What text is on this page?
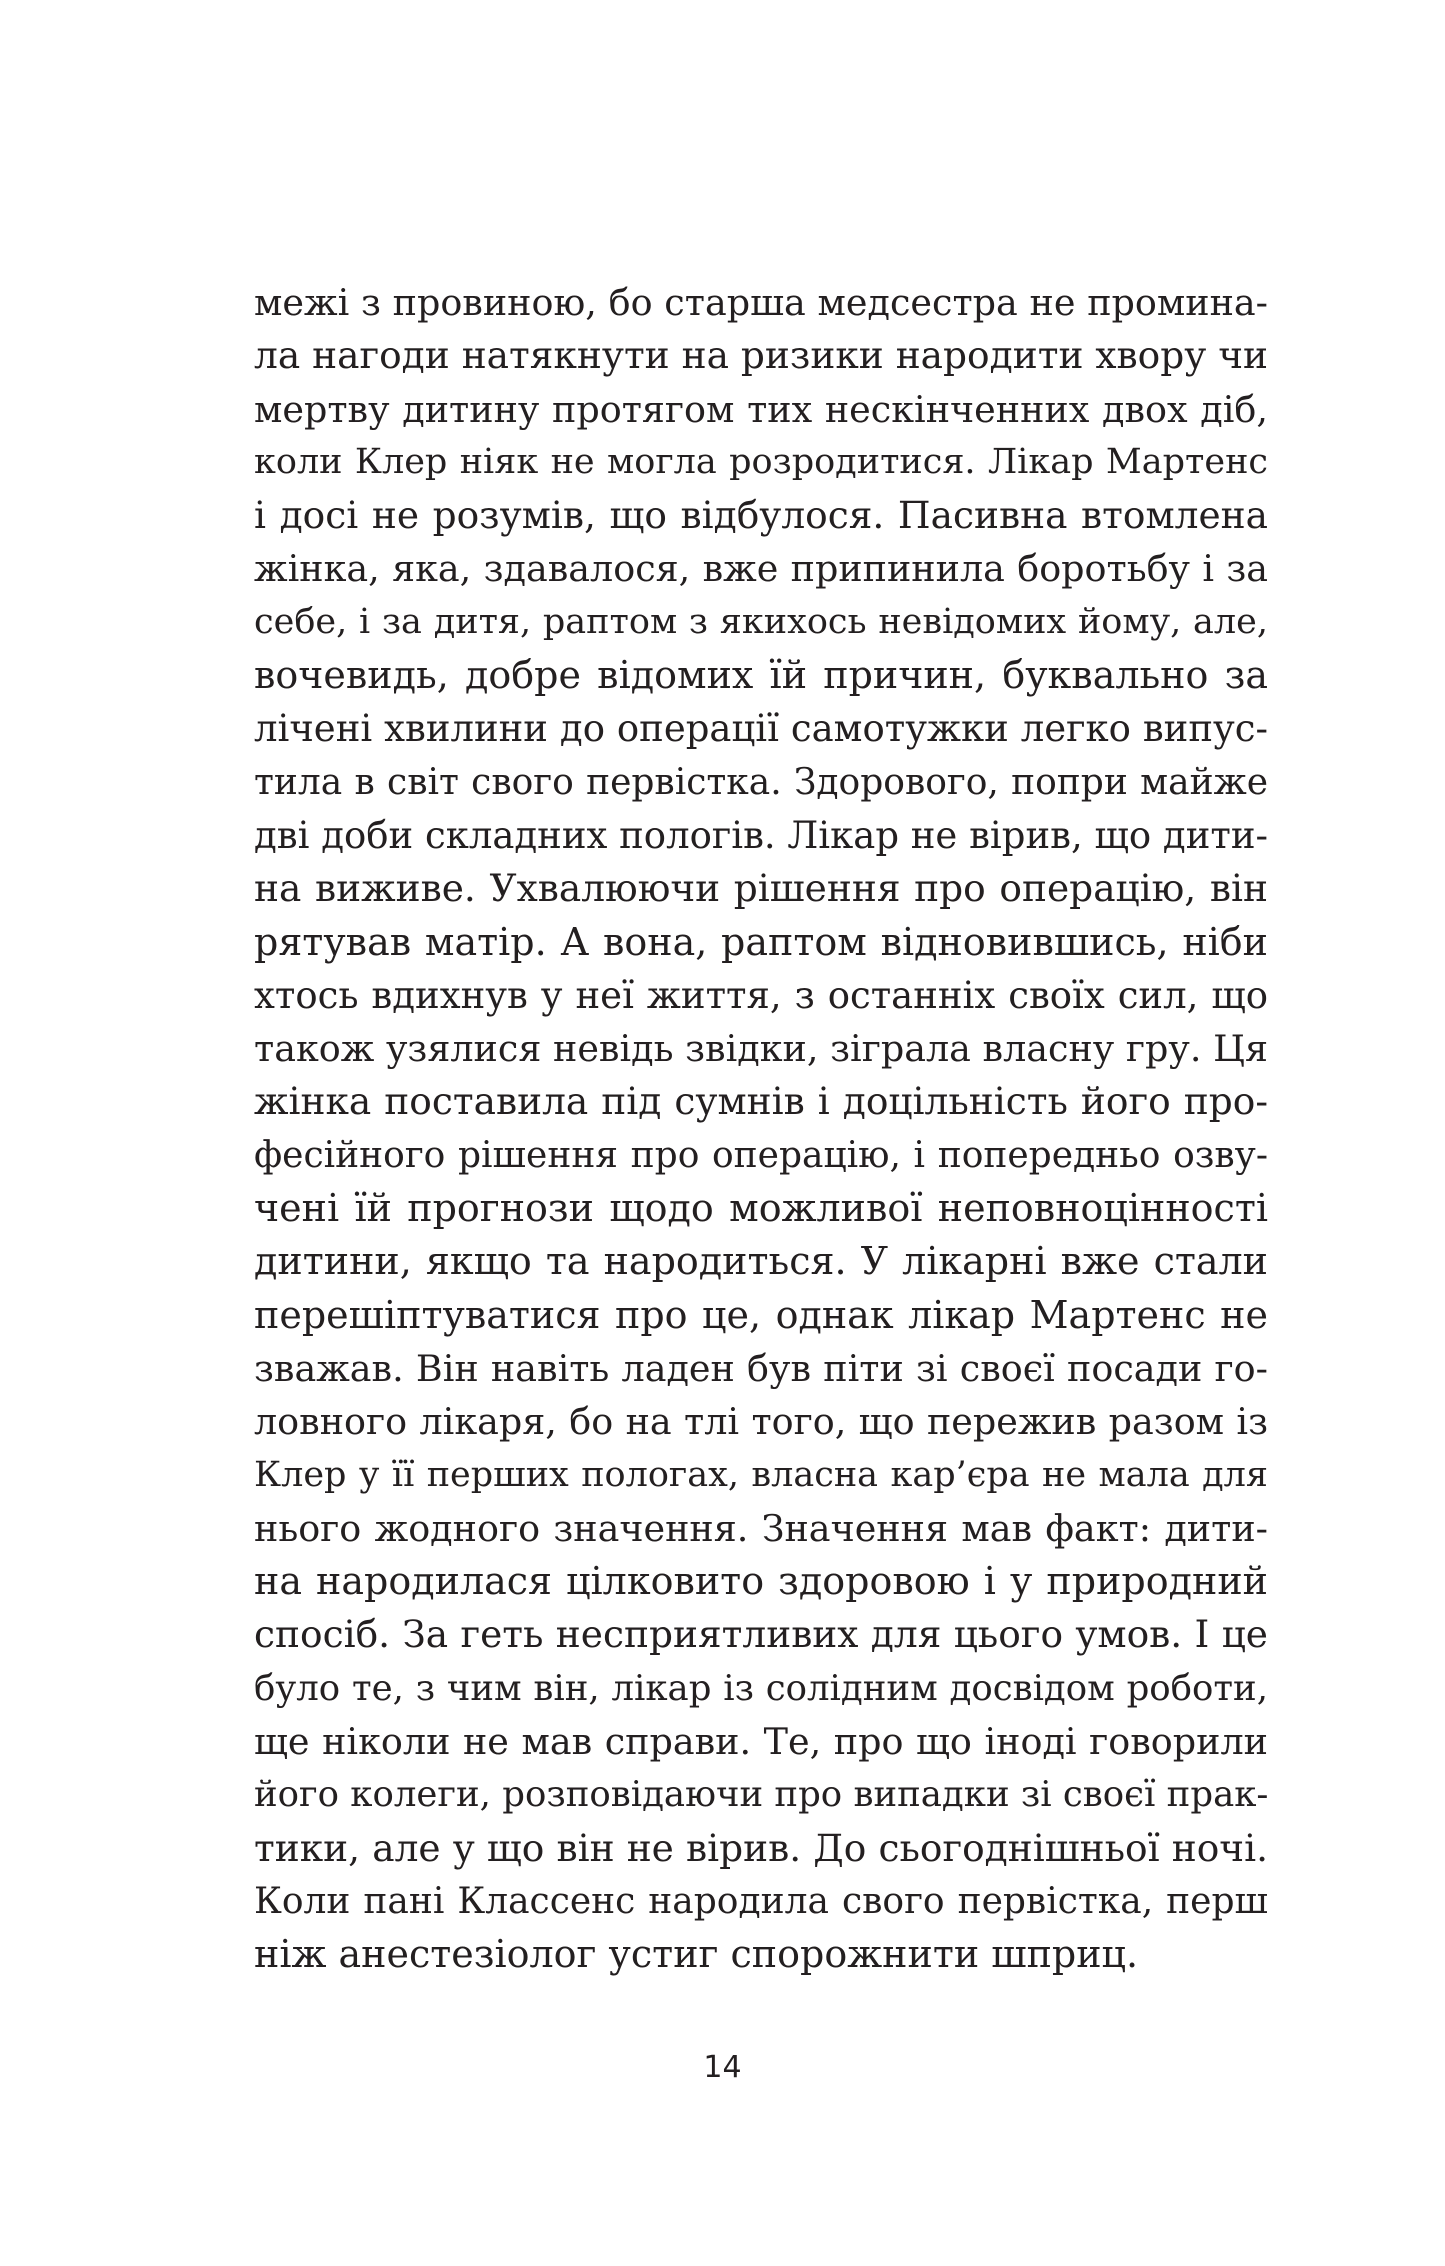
межі з провиною, бо старша медсестра не промина-
ла нагоди натякнути на ризики народити хвору чи
мертву дитину протягом тих нескінченних двох діб,
коли Клер ніяк не могла розродитися. Лікар Мартенс
і досі не розумів, що відбулося. Пасивна втомлена
жінка, яка, здавалося, вже припинила боротьбу і за
себе, і за дитя, раптом з якихось невідомих йому, але,
вочевидь, добре відомих їй причин, буквально за
лічені хвилини до операції самотужки легко випус-
тила в світ свого первістка. Здорового, попри майже
дві доби складних пологів. Лікар не вірив, що дити-
на виживе. Ухвалюючи рішення про операцію, він
рятував матір. А вона, раптом відновившись, ніби
хтось вдихнув у неї життя, з останніх своїх сил, що
також узялися невідь звідки, зіграла власну гру. Ця
жінка поставила під сумнів і доцільність його про-
фесійного рішення про операцію, і попередньо озву-
чені їй прогнози щодо можливої неповноцінності
дитини, якщо та народиться. У лікарні вже стали
перешіптуватися про це, однак лікар Мартенс не
зважав. Він навіть ладен був піти зі своєї посади го-
ловного лікаря, бо на тлі того, що пережив разом із
Клер у її перших пологах, власна кар’єра не мала для
нього жодного значення. Значення мав факт: дити-
на народилася цілковито здоровою і у природний
спосіб. За геть несприятливих для цього умов. І це
було те, з чим він, лікар із солідним досвідом роботи,
ще ніколи не мав справи. Те, про що іноді говорили
його колеги, розповідаючи про випадки зі своєї прак-
тики, але у що він не вірив. До сьогоднішньої ночі.
Коли пані Классенс народила свого первістка, перш
ніж анестезіолог устиг спорожнити шприц.
14
